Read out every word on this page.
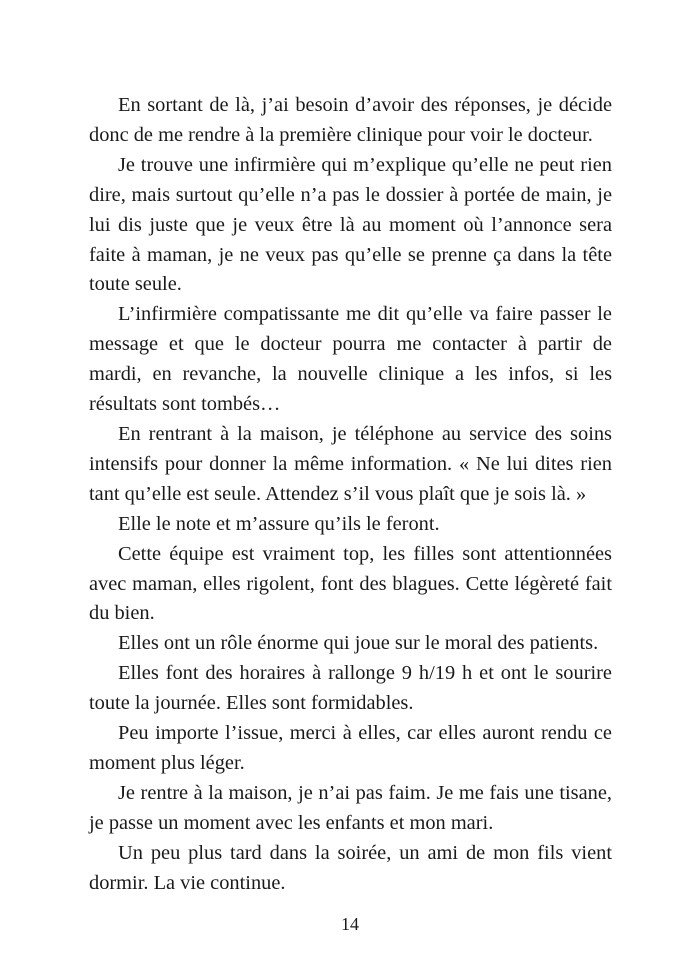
En sortant de là, j’ai besoin d’avoir des réponses, je décide donc de me rendre à la première clinique pour voir le docteur.

Je trouve une infirmière qui m’explique qu’elle ne peut rien dire, mais surtout qu’elle n’a pas le dossier à portée de main, je lui dis juste que je veux être là au moment où l’annonce sera faite à maman, je ne veux pas qu’elle se prenne ça dans la tête toute seule.

L’infirmière compatissante me dit qu’elle va faire passer le message et que le docteur pourra me contacter à partir de mardi, en revanche, la nouvelle clinique a les infos, si les résultats sont tombés…

En rentrant à la maison, je téléphone au service des soins intensifs pour donner la même information. « Ne lui dites rien tant qu’elle est seule. Attendez s’il vous plaît que je sois là. »

Elle le note et m’assure qu’ils le feront.

Cette équipe est vraiment top, les filles sont attentionnées avec maman, elles rigolent, font des blagues. Cette légèreté fait du bien.

Elles ont un rôle énorme qui joue sur le moral des patients.

Elles font des horaires à rallonge 9 h/19 h et ont le sourire toute la journée. Elles sont formidables.

Peu importe l’issue, merci à elles, car elles auront rendu ce moment plus léger.

Je rentre à la maison, je n’ai pas faim. Je me fais une tisane, je passe un moment avec les enfants et mon mari.

Un peu plus tard dans la soirée, un ami de mon fils vient dormir. La vie continue.

14
